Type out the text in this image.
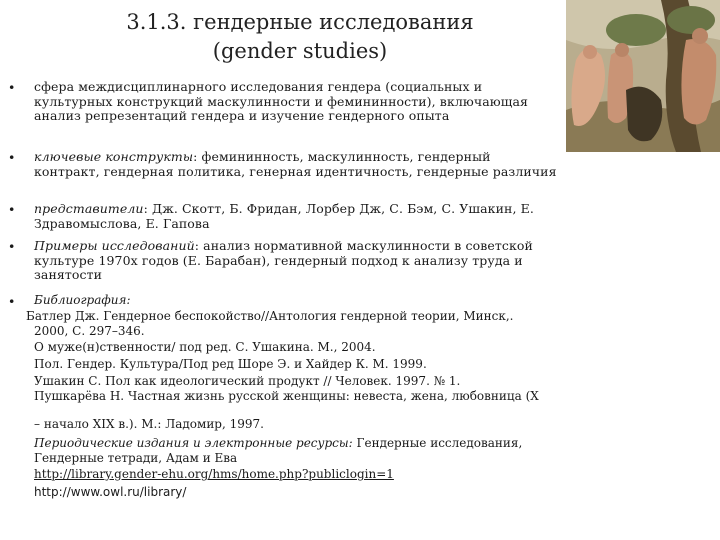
3.1.3. гендерные исследования
(gender studies)
• сфера междисциплинарного исследования гендера (социальных и культурных конструкций маскулинности и фемининности), включающая анализ репрезентаций гендера и изучение гендерного опыта
• ключевые конструкты: фемининность, маскулинность, гендерный контракт, гендерная политика, генерная идентичность, гендерные различия
• представители: Дж. Скотт, Б. Фридан, Лорбер Дж, С. Бэм, С. Ушакин, Е. Здравомыслова, Е. Гапова
• Примеры исследований: анализ нормативной маскулинности в советской культуре 1970х годов (Е. Барабан), гендерный подход к анализу труда и занятости
• Библиография:
Батлер Дж. Гендерное беспокойство//Антология гендерной теории, Минск,.
2000, С. 297–346.
О муже(н)ственности/ под ред. С. Ушакина. М., 2004.
Пол. Гендер. Культура/Под ред Шоре Э. и Хайдер К. М. 1999.
Ушакин С. Пол как идеологический продукт // Человек. 1997. № 1.
Пушкарёва Н. Частная жизнь русской женщины: невеста, жена, любовница (X
– начало XIX в.). М.: Ладомир, 1997.
Периодические издания и электронные ресурсы: Гендерные исследования,
Гендерные тетради, Адам и Ева
http://library.gender-ehu.org/hms/home.php?publiclogin=1
http://www.owl.ru/library/
